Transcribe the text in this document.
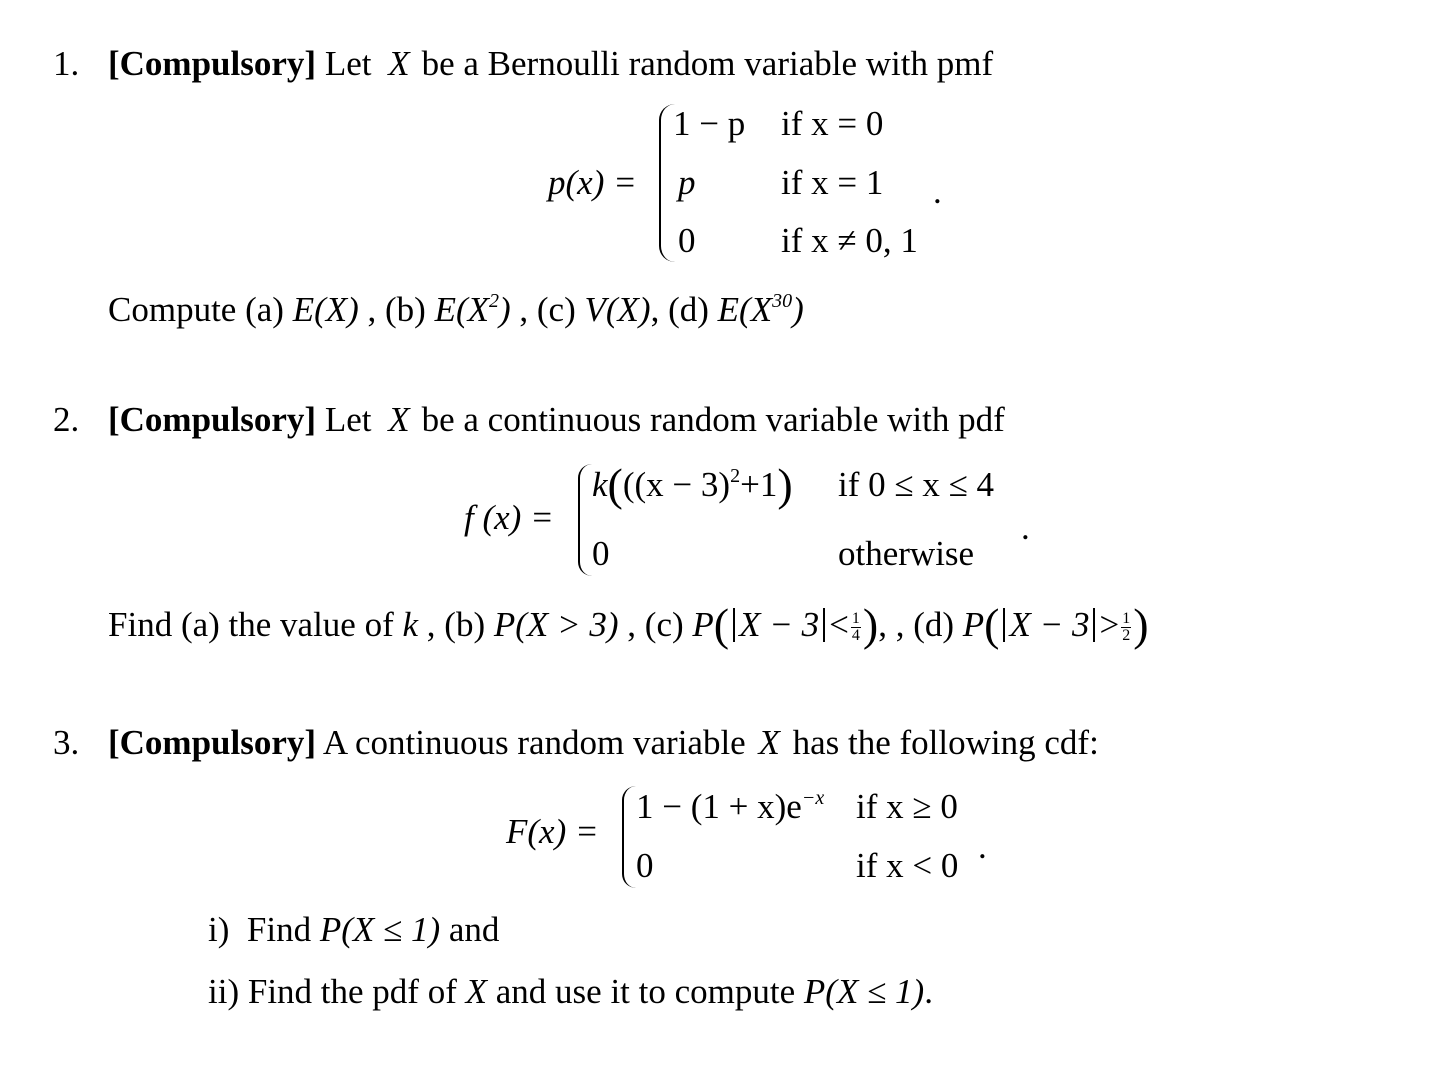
1. [Compulsory] Let X be a Bernoulli random variable with pmf
p(x) =
1 − p if x = 0
p if x = 1
0 if x ≠ 0, 1
.
Compute (a) E(X) , (b) $E(X^2)$ , (c) V(X), (d) $E(X^{30})$
2. [Compulsory] Let X be a continuous random variable with pdf
f (x) =
$k(((x - 3)^2+1)$ if 0 ≤ x ≤ 4
0	otherwise
.
Find (a) the value of k , (b) P(X > 3) , (c) P( $X - 3 < \frac{1}{4}$ ), , (d) P( $X - 3 > \frac{1}{2}$ )
3. [Compulsory] A continuous random variable X has the following cdf:
F(x) =
$1 - (1 + x)e^{-x}$ if x ≥ 0
0	if x < 0 .
i) Find P(X ≤ 1) and
ii) Find the pdf of X and use it to compute P(X ≤ 1).
